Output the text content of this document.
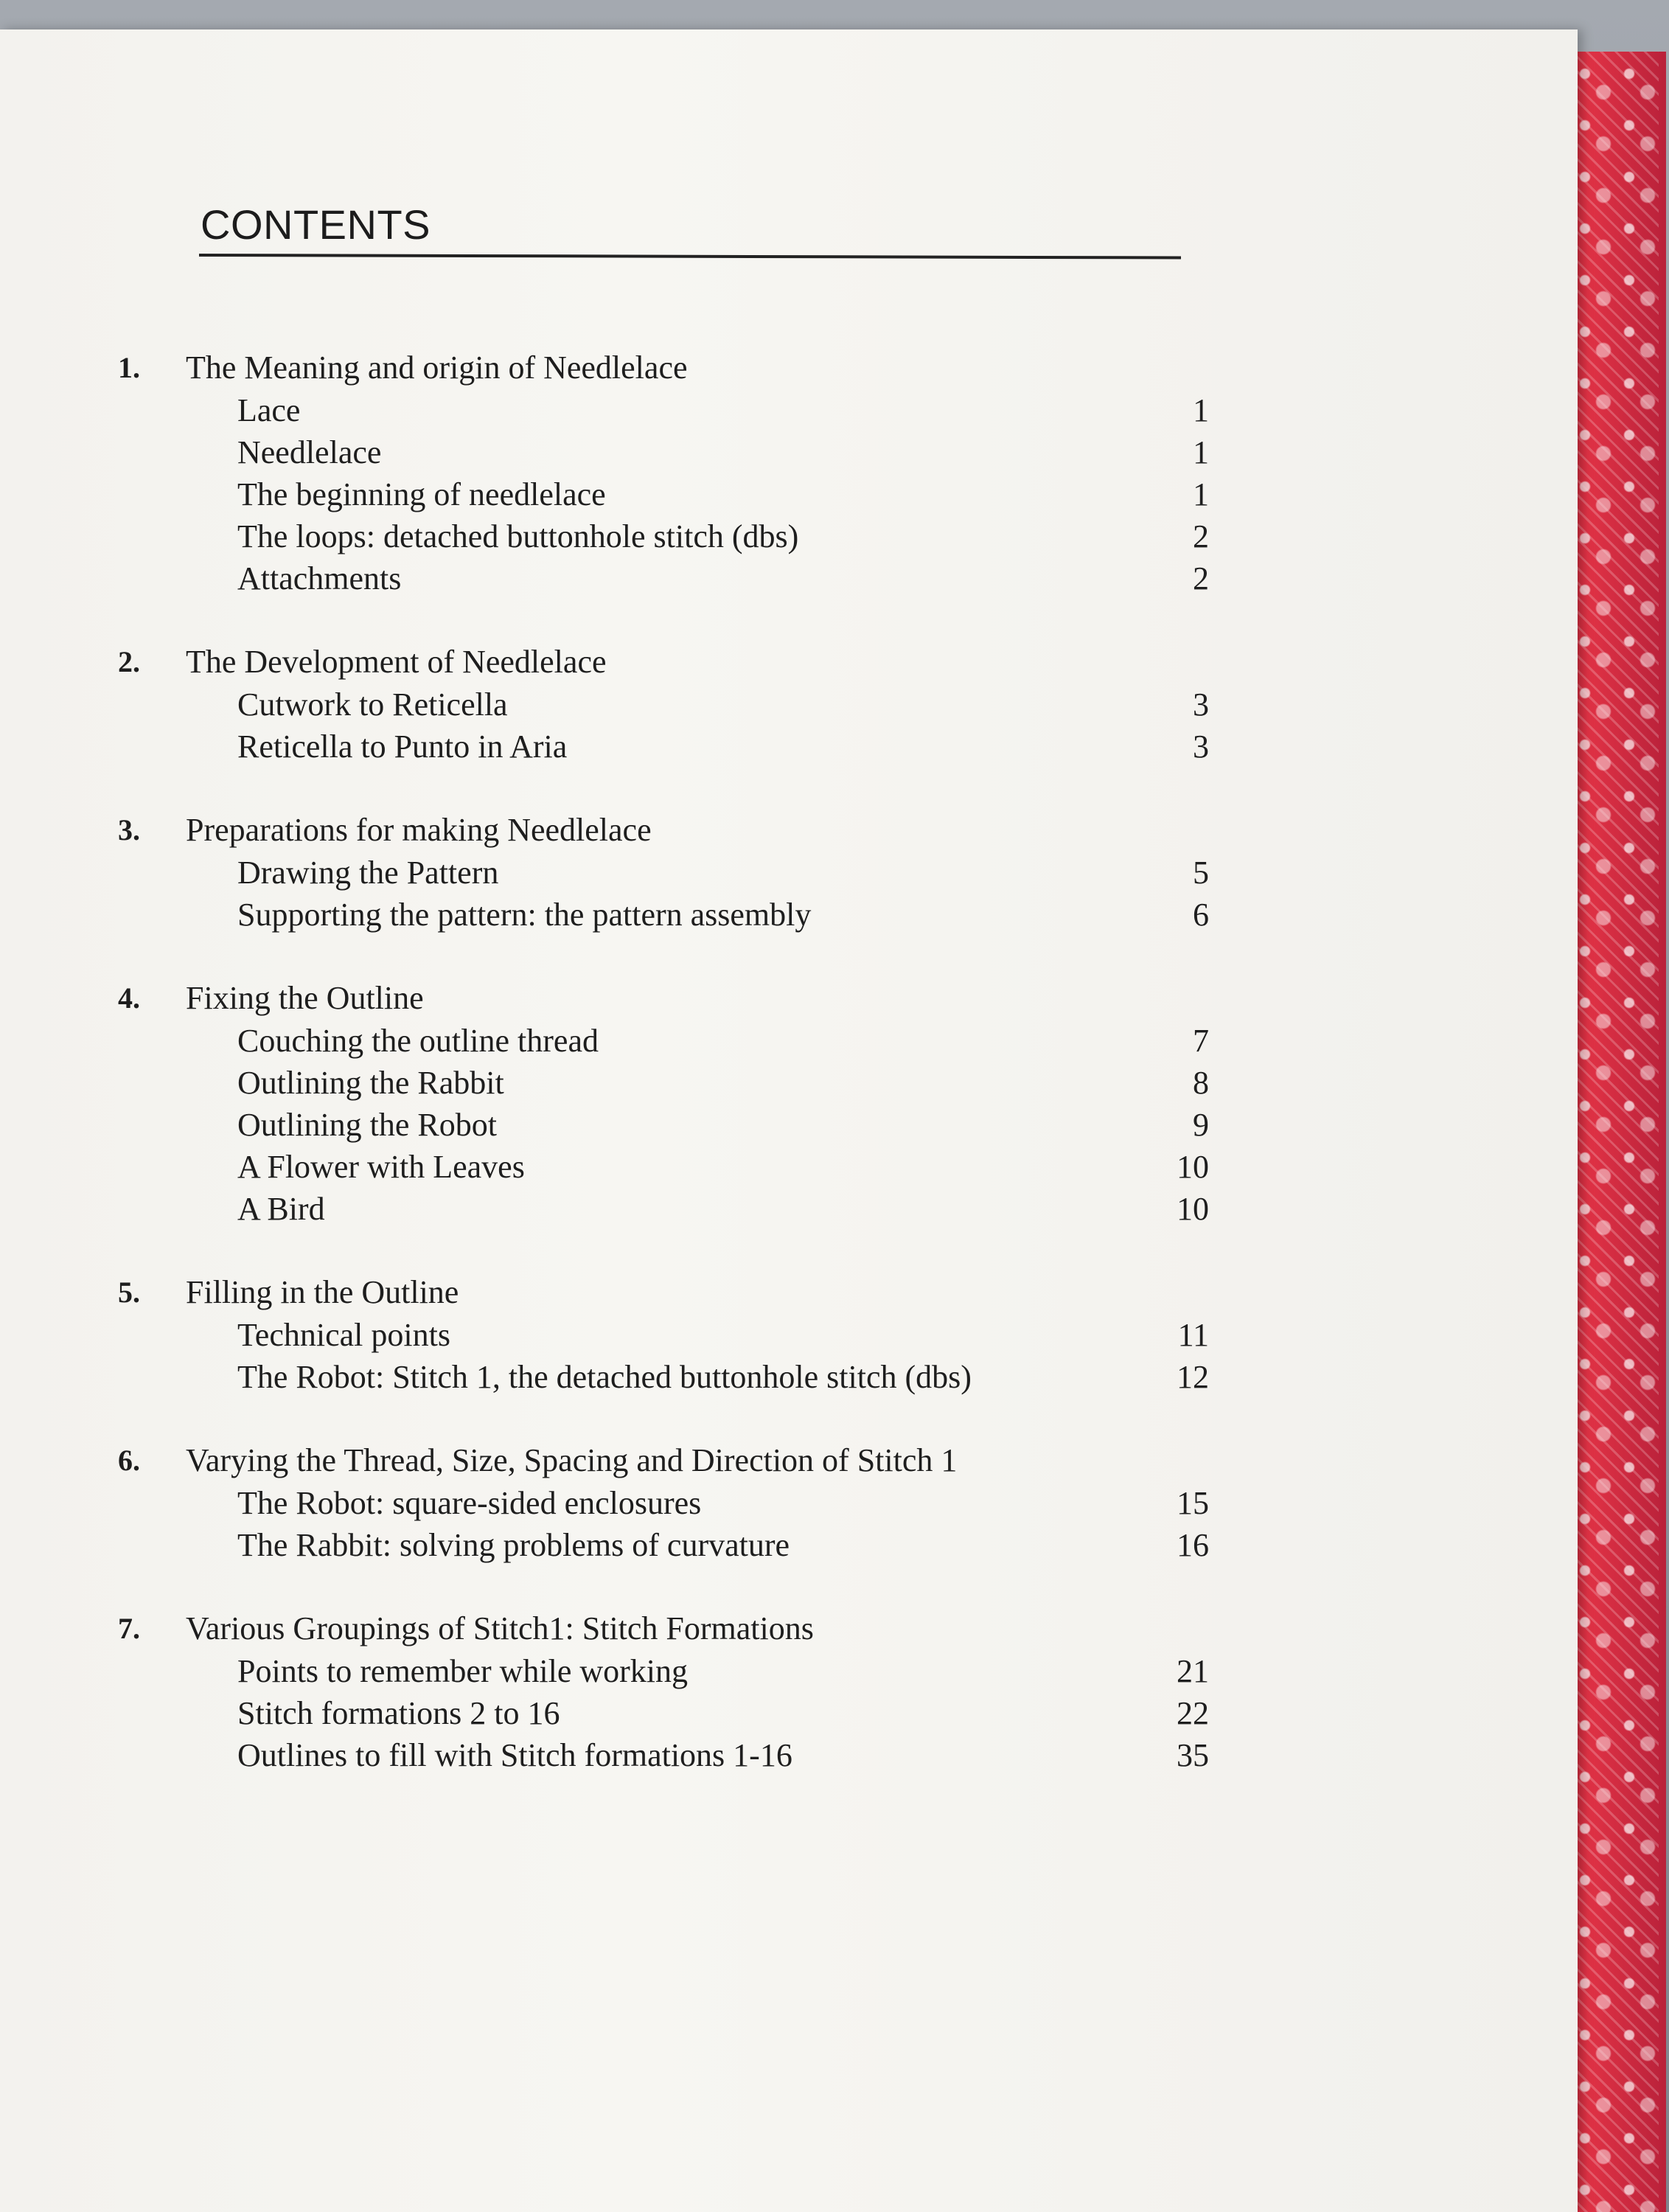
CONTENTS
1. The Meaning and origin of Needlelace
Lace	1
Needlelace	1
The beginning of needlelace	1
The loops: detached buttonhole stitch (dbs)	2
Attachments	2
2. The Development of Needlelace
Cutwork to Reticella	3
Reticella to Punto in Aria	3
3. Preparations for making Needlelace
Drawing the Pattern	5
Supporting the pattern: the pattern assembly	6
4. Fixing the Outline
Couching the outline thread	7
Outlining the Rabbit	8
Outlining the Robot	9
A Flower with Leaves	10
A Bird	10
5. Filling in the Outline
Technical points	11
The Robot: Stitch 1, the detached buttonhole stitch (dbs)	12
6. Varying the Thread, Size, Spacing and Direction of Stitch 1
The Robot: square-sided enclosures	15
The Rabbit: solving problems of curvature	16
7. Various Groupings of Stitch1: Stitch Formations
Points to remember while working	21
Stitch formations 2 to 16	22
Outlines to fill with Stitch formations 1-16	35
